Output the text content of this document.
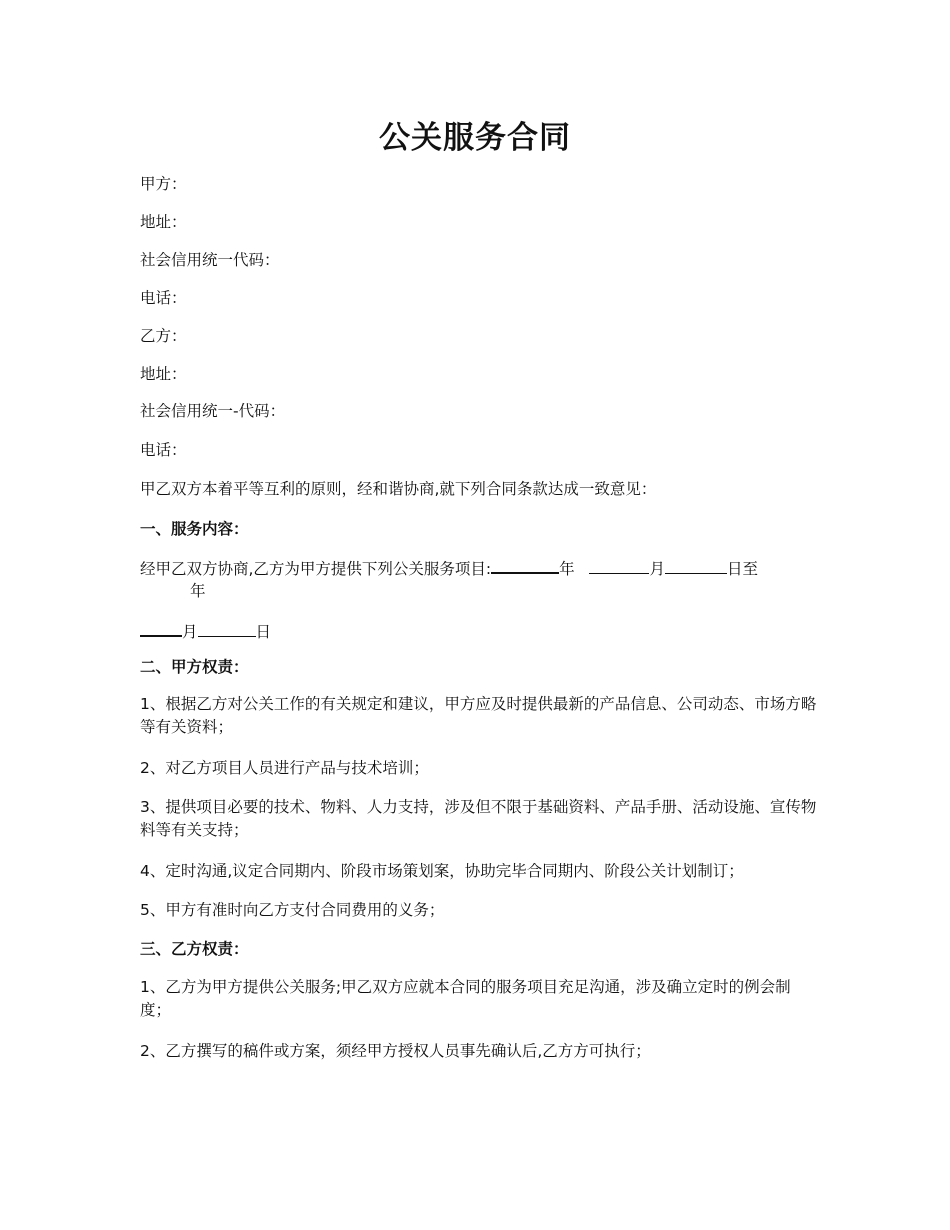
公关服务合同
甲方：
地址：
社会信用统一代码：
电话：
乙方：
地址：
社会信用统一-代码：
电话：
甲乙双方本着平等互利的原则，经和谐协商,就下列合同条款达成一致意见：
一、服务内容：
经甲乙双方协商,乙方为甲方提供下列公关服务项目:	年	月	日至
年
月	日
二、甲方权责：
1、根据乙方对公关工作的有关规定和建议，甲方应及时提供最新的产品信息、公司动态、市场方略等有关资料；
2、对乙方项目人员进行产品与技术培训；
3、提供项目必要的技术、物料、人力支持，涉及但不限于基础资料、产品手册、活动设施、宣传物料等有关支持；
4、定时沟通,议定合同期内、阶段市场策划案，协助完毕合同期内、阶段公关计划制订；
5、甲方有准时向乙方支付合同费用的义务；
三、乙方权责：
1、乙方为甲方提供公关服务;甲乙双方应就本合同的服务项目充足沟通，涉及确立定时的例会制度；
2、乙方撰写的稿件或方案，须经甲方授权人员事先确认后,乙方方可执行；
